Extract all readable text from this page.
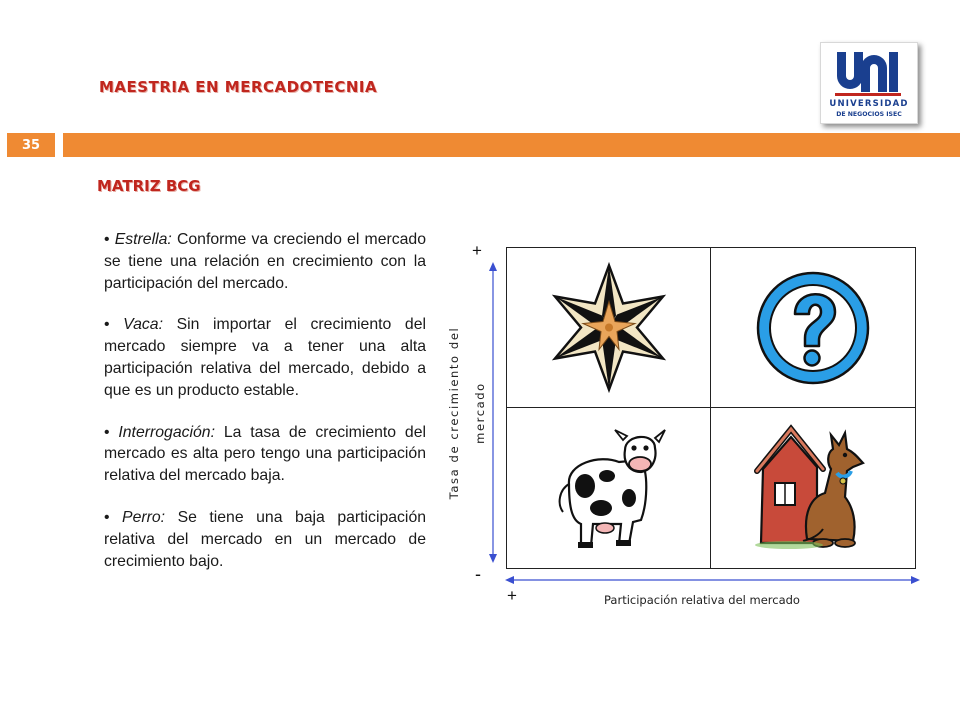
MAESTRIA EN MERCADOTECNIA
UNIVERSIDAD
DE NEGOCIOS ISEC
35
MATRIZ BCG

• Estrella: Conforme va creciendo el mercado se tiene una relación en crecimiento con la participación del mercado.

• Vaca: Sin importar el crecimiento del mercado siempre va a tener una alta participación relativa del mercado, debido a que es un producto estable.

• Interrogación: La tasa de crecimiento del mercado es alta pero tengo una participación relativa del mercado baja.

• Perro: Se tiene una baja participación relativa del mercado en un mercado de crecimiento bajo.

+
-
+	Participación relativa del mercado
Tasa de crecimiento del mercado
